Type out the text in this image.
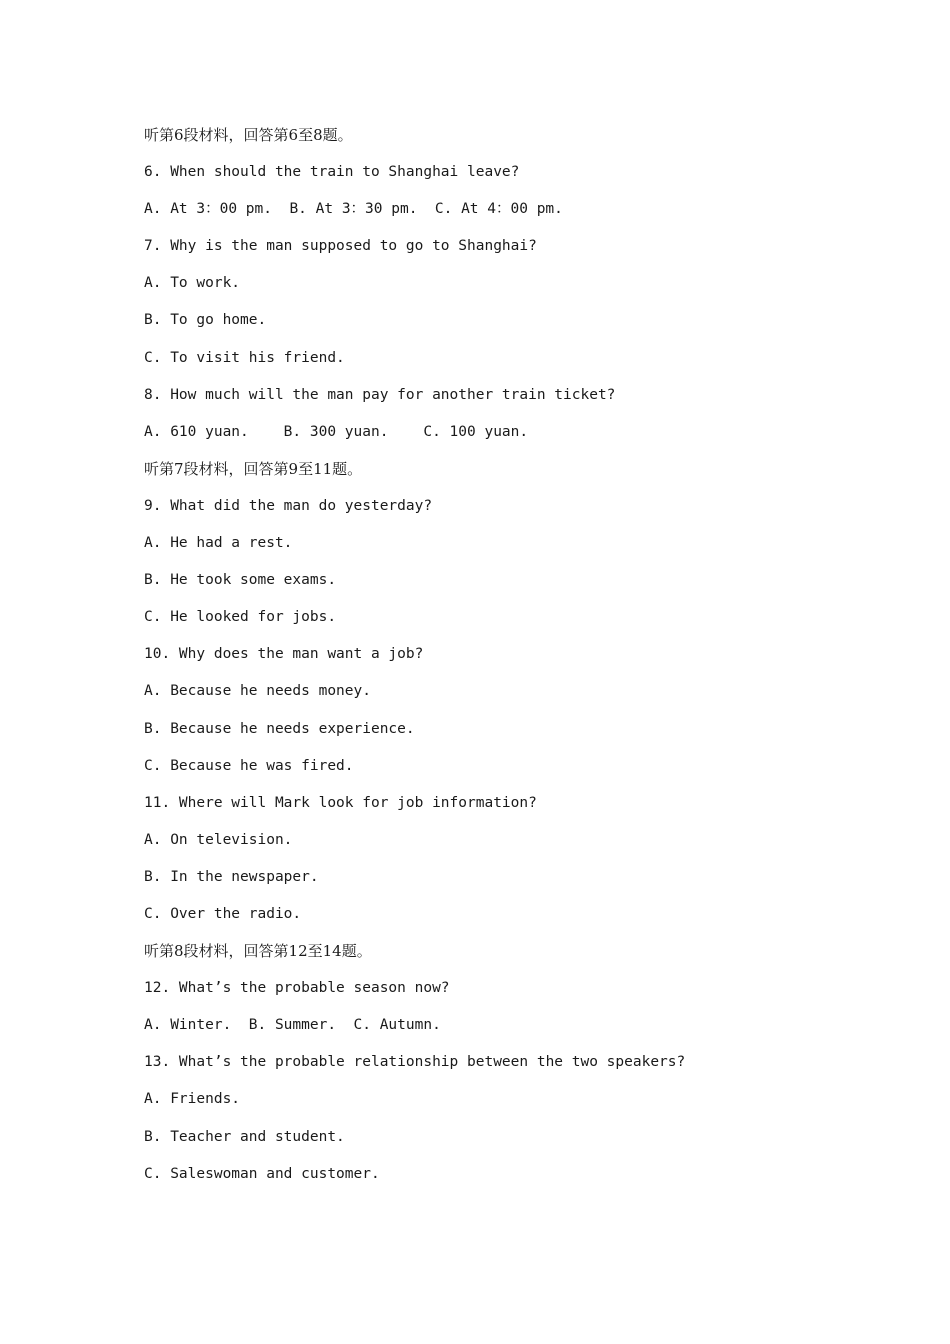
听第6段材料，回答第6至8题。
6. When should the train to Shanghai leave?
A. At 3：00 pm.  B. At 3：30 pm.  C. At 4：00 pm.
7. Why is the man supposed to go to Shanghai?
A. To work.
B. To go home.
C. To visit his friend.
8. How much will the man pay for another train ticket?
A. 610 yuan.    B. 300 yuan.    C. 100 yuan.
听第7段材料，回答第9至11题。
9. What did the man do yesterday?
A. He had a rest.
B. He took some exams.
C. He looked for jobs.
10. Why does the man want a job?
A. Because he needs money.
B. Because he needs experience.
C. Because he was fired.
11. Where will Mark look for job information?
A. On television.
B. In the newspaper.
C. Over the radio.
听第8段材料，回答第12至14题。
12. What’s the probable season now?
A. Winter.  B. Summer.  C. Autumn.
13. What’s the probable relationship between the two speakers?
A. Friends.
B. Teacher and student.
C. Saleswoman and customer.
